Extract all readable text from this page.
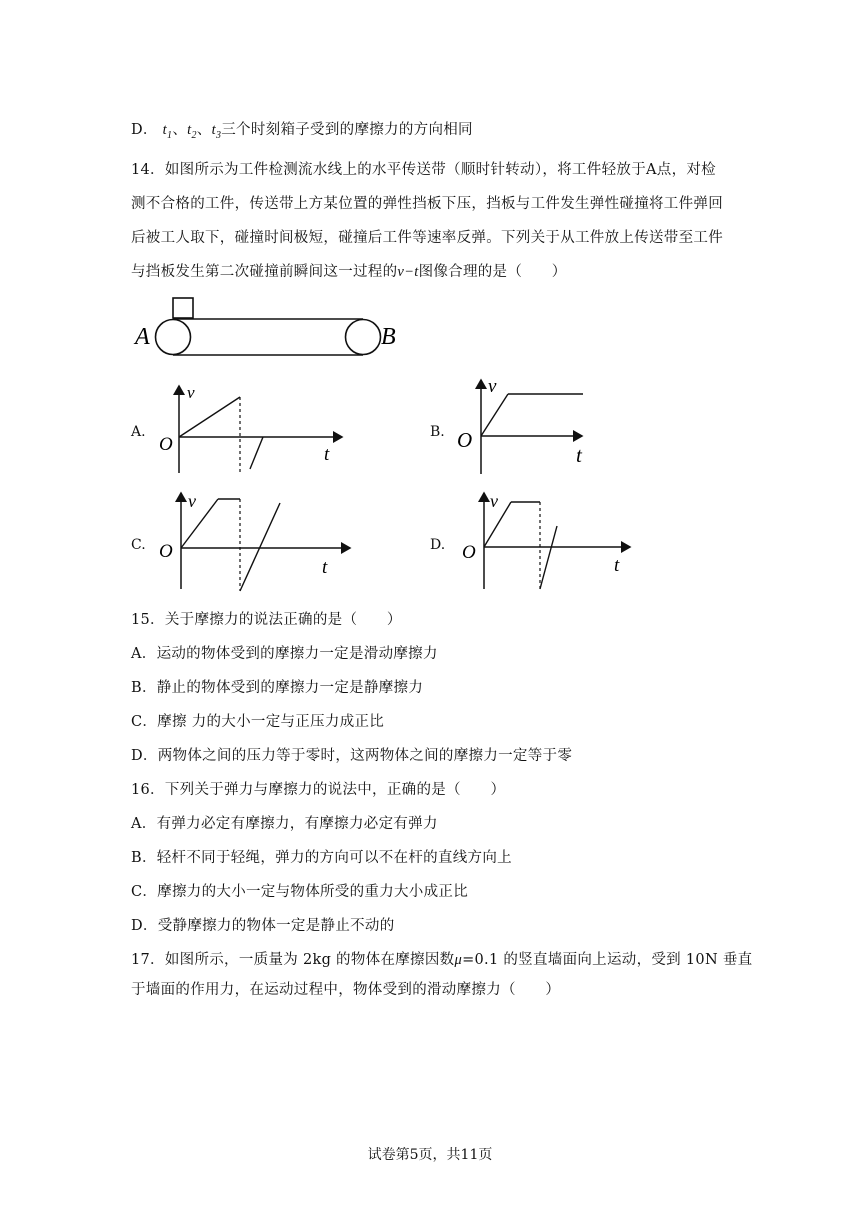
D． $t_1$、$t_2$、$t_3$三个时刻箱子受到的摩擦力的方向相同
14．如图所示为工件检测流水线上的水平传送带（顺时针转动），将工件轻放于A点，对检
测不合格的工件，传送带上方某位置的弹性挡板下压，挡板与工件发生弹性碰撞将工件弹回
后被工人取下，碰撞时间极短，碰撞后工件等速率反弹。下列关于从工件放上传送带至工件
与挡板发生第二次碰撞前瞬间这一过程的v−t图像合理的是（　　）
A	B
A.
v
O	t
B.
v
O
t
C.
v
O
t
D.
v
O
t
15．关于摩擦力的说法正确的是（　　）
A．运动的物体受到的摩擦力一定是滑动摩擦力
B．静止的物体受到的摩擦力一定是静摩擦力
C．摩擦 力的大小一定与正压力成正比
D．两物体之间的压力等于零时，这两物体之间的摩擦力一定等于零
16．下列关于弹力与摩擦力的说法中，正确的是（　　）
A．有弹力必定有摩擦力，有摩擦力必定有弹力
B．轻杆不同于轻绳，弹力的方向可以不在杆的直线方向上
C．摩擦力的大小一定与物体所受的重力大小成正比
D．受静摩擦力的物体一定是静止不动的
17．如图所示，一质量为 2kg 的物体在摩擦因数μ=0.1 的竖直墙面向上运动，受到 10N 垂直
于墙面的作用力，在运动过程中，物体受到的滑动摩擦力（　　）
试卷第5页，共11页
